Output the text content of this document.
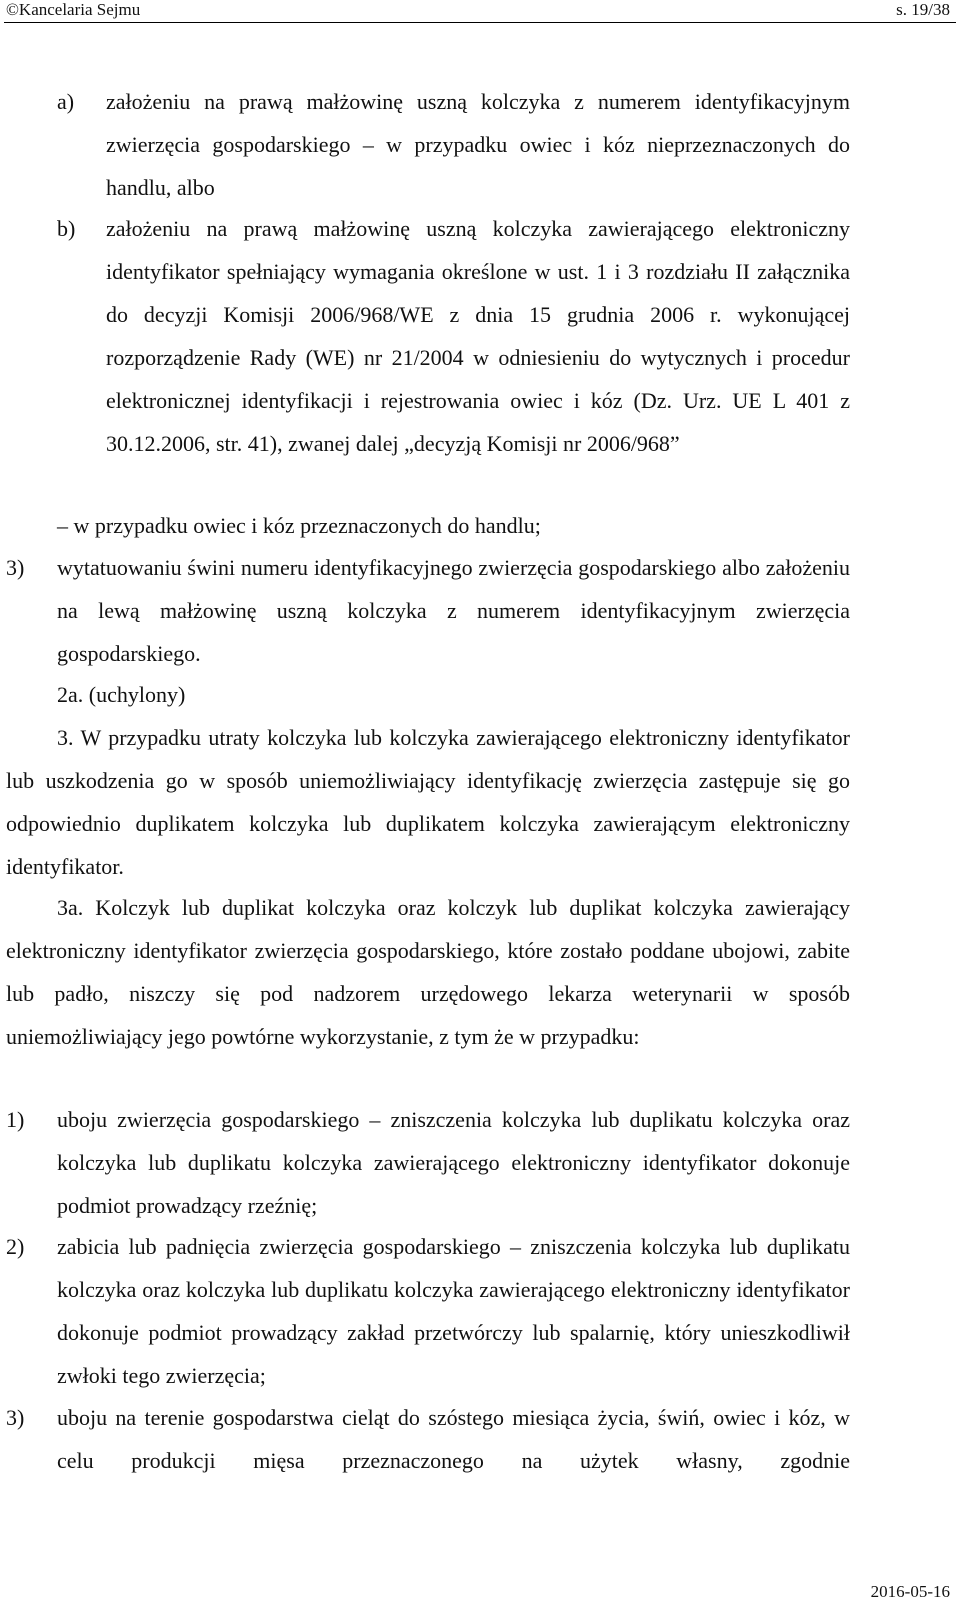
©Kancelaria Sejmu	s. 19/38
a) założeniu na prawą małżowinę uszną kolczyka z numerem identyfikacyjnym zwierzęcia gospodarskiego – w przypadku owiec i kóz nieprzeznaczonych do handlu, albo
b) założeniu na prawą małżowinę uszną kolczyka zawierającego elektroniczny identyfikator spełniający wymagania określone w ust. 1 i 3 rozdziału II załącznika do decyzji Komisji 2006/968/WE z dnia 15 grudnia 2006 r. wykonującej rozporządzenie Rady (WE) nr 21/2004 w odniesieniu do wytycznych i procedur elektronicznej identyfikacji i rejestrowania owiec i kóz (Dz. Urz. UE L 401 z 30.12.2006, str. 41), zwanej dalej „decyzją Komisji nr 2006/968”
– w przypadku owiec i kóz przeznaczonych do handlu;
3) wytatuowaniu świni numeru identyfikacyjnego zwierzęcia gospodarskiego albo założeniu na lewą małżowinę uszną kolczyka z numerem identyfikacyjnym zwierzęcia gospodarskiego.
2a. (uchylony)
3. W przypadku utraty kolczyka lub kolczyka zawierającego elektroniczny identyfikator lub uszkodzenia go w sposób uniemożliwiający identyfikację zwierzęcia zastępuje się go odpowiednio duplikatem kolczyka lub duplikatem kolczyka zawierającym elektroniczny identyfikator.
3a. Kolczyk lub duplikat kolczyka oraz kolczyk lub duplikat kolczyka zawierający elektroniczny identyfikator zwierzęcia gospodarskiego, które zostało poddane ubojowi, zabite lub padło, niszczy się pod nadzorem urzędowego lekarza weterynarii w sposób uniemożliwiający jego powtórne wykorzystanie, z tym że w przypadku:
1) uboju zwierzęcia gospodarskiego – zniszczenia kolczyka lub duplikatu kolczyka oraz kolczyka lub duplikatu kolczyka zawierającego elektroniczny identyfikator dokonuje podmiot prowadzący rzeźnię;
2) zabicia lub padnięcia zwierzęcia gospodarskiego – zniszczenia kolczyka lub duplikatu kolczyka oraz kolczyka lub duplikatu kolczyka zawierającego elektroniczny identyfikator dokonuje podmiot prowadzący zakład przetwórczy lub spalarnię, który unieszkodliwił zwłoki tego zwierzęcia;
3) uboju na terenie gospodarstwa cieląt do szóstego miesiąca życia, świń, owiec i kóz, w celu produkcji mięsa przeznaczonego na użytek własny, zgodnie
2016-05-16
